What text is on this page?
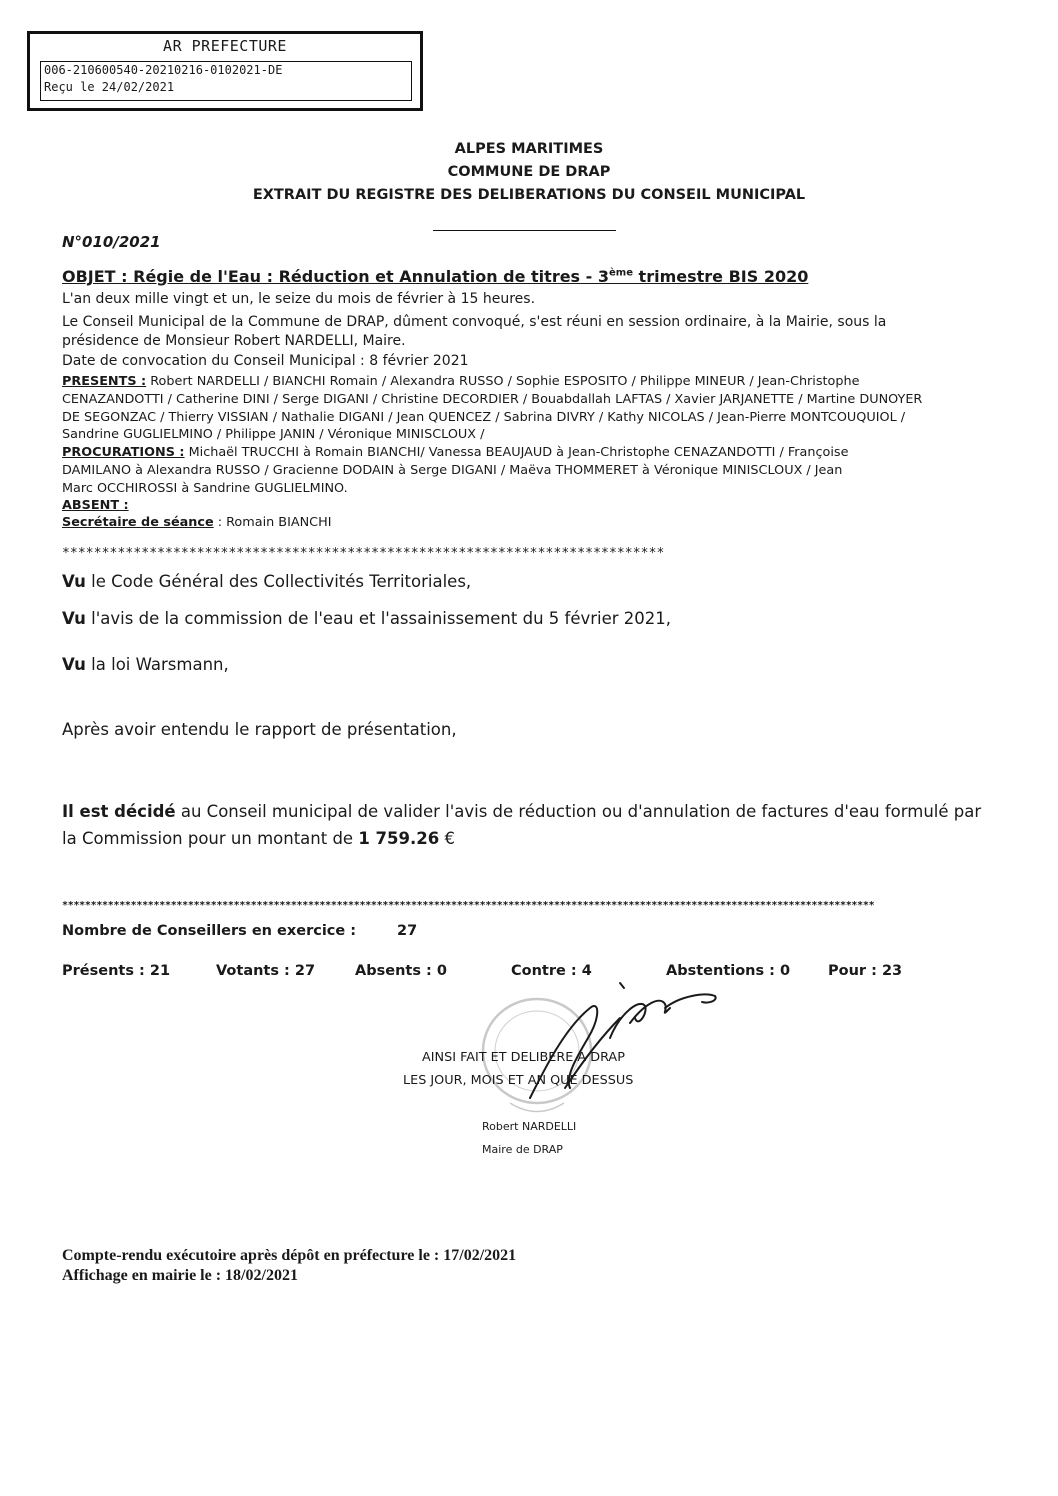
AR PREFECTURE
006-210600540-20210216-0102021-DE
Reçu le 24/02/2021
ALPES MARITIMES
COMMUNE DE DRAP
EXTRAIT DU REGISTRE DES DELIBERATIONS DU CONSEIL MUNICIPAL
N°010/2021
OBJET : Régie de l'Eau : Réduction et Annulation de titres - 3ème trimestre BIS 2020
L'an deux mille vingt et un, le seize du mois de février à 15 heures.
Le Conseil Municipal de la Commune de DRAP, dûment convoqué, s'est réuni en session ordinaire, à la Mairie, sous la
présidence de Monsieur Robert NARDELLI, Maire.
Date de convocation du Conseil Municipal : 8 février 2021
PRESENTS : Robert NARDELLI / BIANCHI Romain / Alexandra RUSSO / Sophie ESPOSITO / Philippe MINEUR / Jean-Christophe
CENAZANDOTTI / Catherine DINI / Serge DIGANI / Christine DECORDIER / Bouabdallah LAFTAS / Xavier JARJANETTE / Martine DUNOYER
DE SEGONZAC / Thierry VISSIAN / Nathalie DIGANI / Jean QUENCEZ / Sabrina DIVRY / Kathy NICOLAS / Jean-Pierre MONTCOUQUIOL /
Sandrine GUGLIELMINO / Philippe JANIN / Véronique MINISCLOUX /
PROCURATIONS : Michaël TRUCCHI à Romain BIANCHI/ Vanessa BEAUJAUD à Jean-Christophe CENAZANDOTTI / Françoise
DAMILANO à Alexandra RUSSO / Gracienne DODAIN à Serge DIGANI / Maëva THOMMERET à Véronique MINISCLOUX / Jean
Marc OCCHIROSSI à Sandrine GUGLIELMINO.
ABSENT :
Secrétaire de séance : Romain BIANCHI
****************************************************************************
Vu le Code Général des Collectivités Territoriales,
Vu l'avis de la commission de l'eau et l'assainissement du 5 février 2021,
Vu la loi Warsmann,
Après avoir entendu le rapport de présentation,
Il est décidé au Conseil municipal de valider l'avis de réduction ou d'annulation de factures d'eau formulé par la Commission pour un montant de 1 759.26 €
**********************************************************************************************************************************************
Nombre de Conseillers en exercice :	27
Présents : 21	Votants : 27	Absents : 0	Contre : 4	Abstentions : 0	Pour : 23
AINSI FAIT ET DELIBERE A DRAP
LES JOUR, MOIS ET AN QUE DESSUS
Robert NARDELLI
Maire de DRAP
Compte-rendu exécutoire après dépôt en préfecture le : 17/02/2021
Affichage en mairie le : 18/02/2021
